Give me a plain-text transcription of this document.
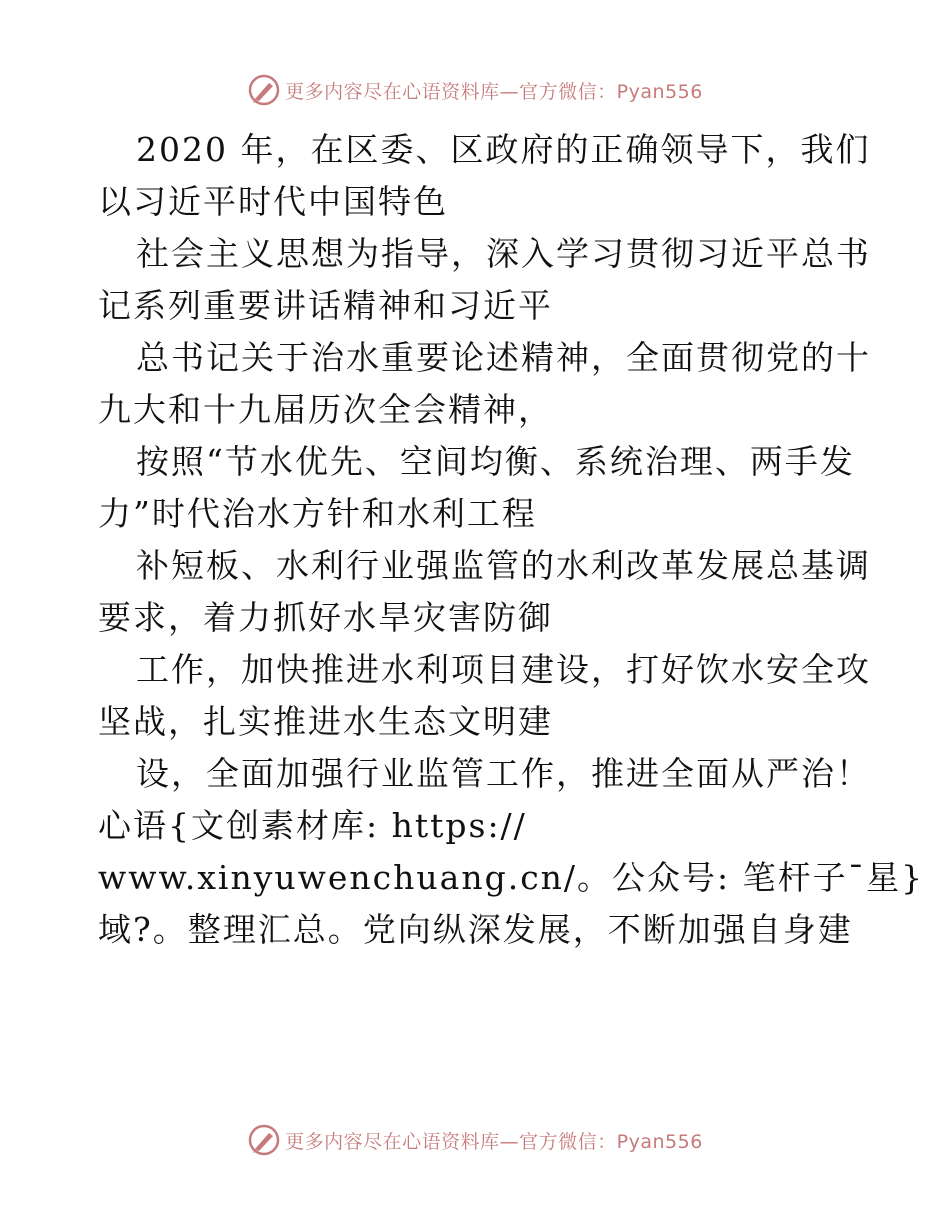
更多内容尽在心语资料库—官方微信：Pyan556
2020 年，在区委、区政府的正确领导下，我们
以习近平时代中国特色
社会主义思想为指导，深入学习贯彻习近平总书
记系列重要讲话精神和习近平
总书记关于治水重要论述精神，全面贯彻党的十
九大和十九届历次全会精神，
按照“节水优先、空间均衡、系统治理、两手发
力”时代治水方针和水利工程
补短板、水利行业强监管的水利改革发展总基调
要求，着力抓好水旱灾害防御
工作，加快推进水利项目建设，打好饮水安全攻
坚战，扎实推进水生态文明建
设，全面加强行业监管工作，推进全面从严治！
心语{文创素材库: https://
www.xinyuwenchuang.cn/。公众号: 笔杆子¯星}
域?。整理汇总。党向纵深发展，不断加强自身建
更多内容尽在心语资料库—官方微信：Pyan556
